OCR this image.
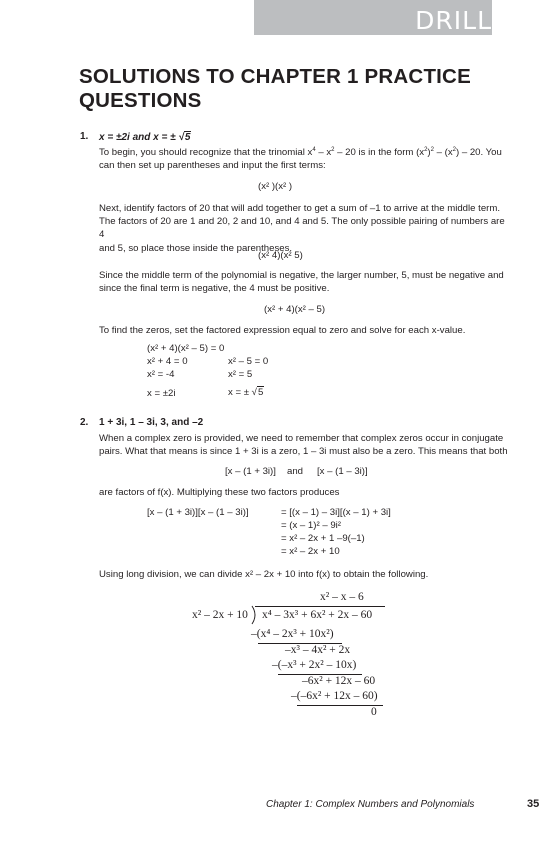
DRILL
SOLUTIONS TO CHAPTER 1 PRACTICE
QUESTIONS
1. x = ±2i and x = ± √5
To begin, you should recognize that the trinomial $x^4 - x^2 - 20$ is in the form $(x^2)^2 - (x^2) - 20$. You
can then set up parentheses and input the first terms:
(x² )(x² )
Next, identify factors of 20 that will add together to get a sum of –1 to arrive at the middle term.
The factors of 20 are 1 and 20, 2 and 10, and 4 and 5. The only possible pairing of numbers are 4
and 5, so place those inside the parentheses.
(x² 4)(x² 5)
Since the middle term of the polynomial is negative, the larger number, 5, must be negative and
since the final term is negative, the 4 must be positive.
(x² + 4)(x² – 5)
To find the zeros, set the factored expression equal to zero and solve for each x-value.
(x² + 4)(x² – 5) = 0
x² + 4 = 0	x² – 5 = 0
x² = -4	x² = 5
x = ±2i	x = ± √5
2. 1 + 3i, 1 – 3i, 3, and –2
When a complex zero is provided, we need to remember that complex zeros occur in conjugate
pairs. What that means is since 1 + 3i is a zero, 1 – 3i must also be a zero. This means that both
[x – (1 + 3i)] and [x – (1 – 3i)]
are factors of f(x). Multiplying these two factors produces
[x – (1 + 3i)][x – (1 – 3i)]	= [(x – 1) – 3i][(x – 1) + 3i]
= (x – 1)² – 9i²
= x² – 2x + 1 –9(–1)
= x² – 2x + 10
Using long division, we can divide x² – 2x + 10 into f(x) to obtain the following.
x² – x – 6
x² – 2x + 10 x⁴ – 3x³ + 6x² + 2x – 60
–(x⁴ – 2x³ + 10x²)
–x³ – 4x² + 2x
–(–x³ + 2x² – 10x)
–6x² + 12x – 60
–(–6x² + 12x – 60)
0
Chapter 1: Complex Numbers and Polynomials	35
